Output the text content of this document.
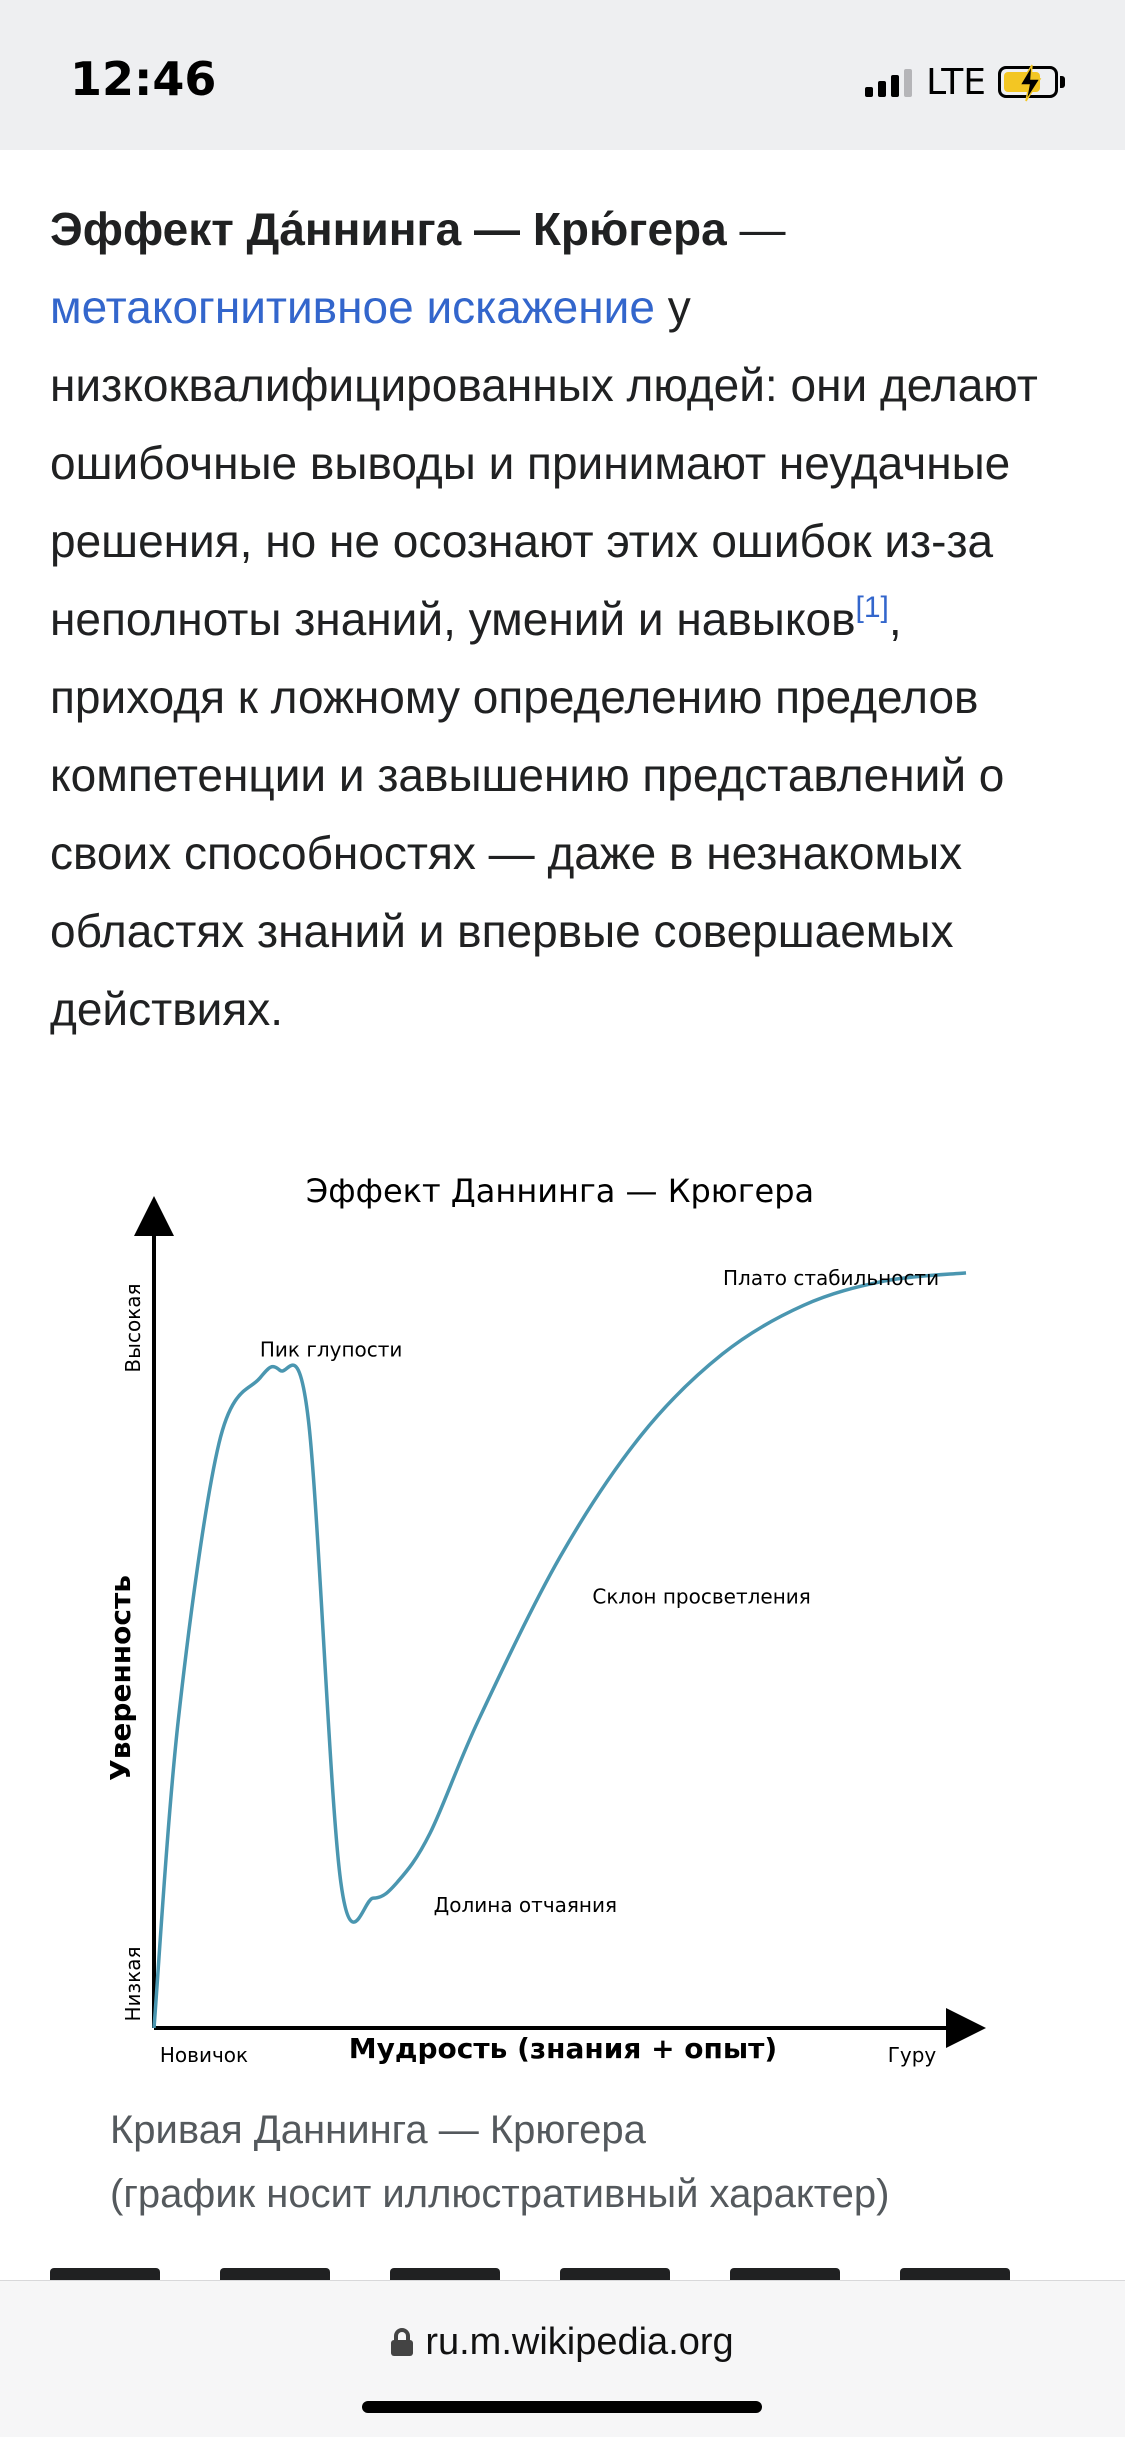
12:46	LTE

Эффект Да́ннинга — Крю́гера — метакогнитивное искажение у низкоквалифицированных людей: они делают ошибочные выводы и принимают неудачные решения, но не осознают этих ошибок из-за неполноты знаний, умений и навыков[1], приходя к ложному определению пределов компетенции и завышению представлений о своих способностях — даже в незнакомых областях знаний и впервые совершаемых действиях.

Эффект Даннинга — Крюгера
Высокая
Низкая
Уверенность
Новичок	Гуру
Мудрость (знания + опыт)
Пик глупости
Долина отчаяния
Склон просветления
Плато стабильности
Кривая Даннинга — Крюгера
(график носит иллюстративный характер)
ru.m.wikipedia.org
